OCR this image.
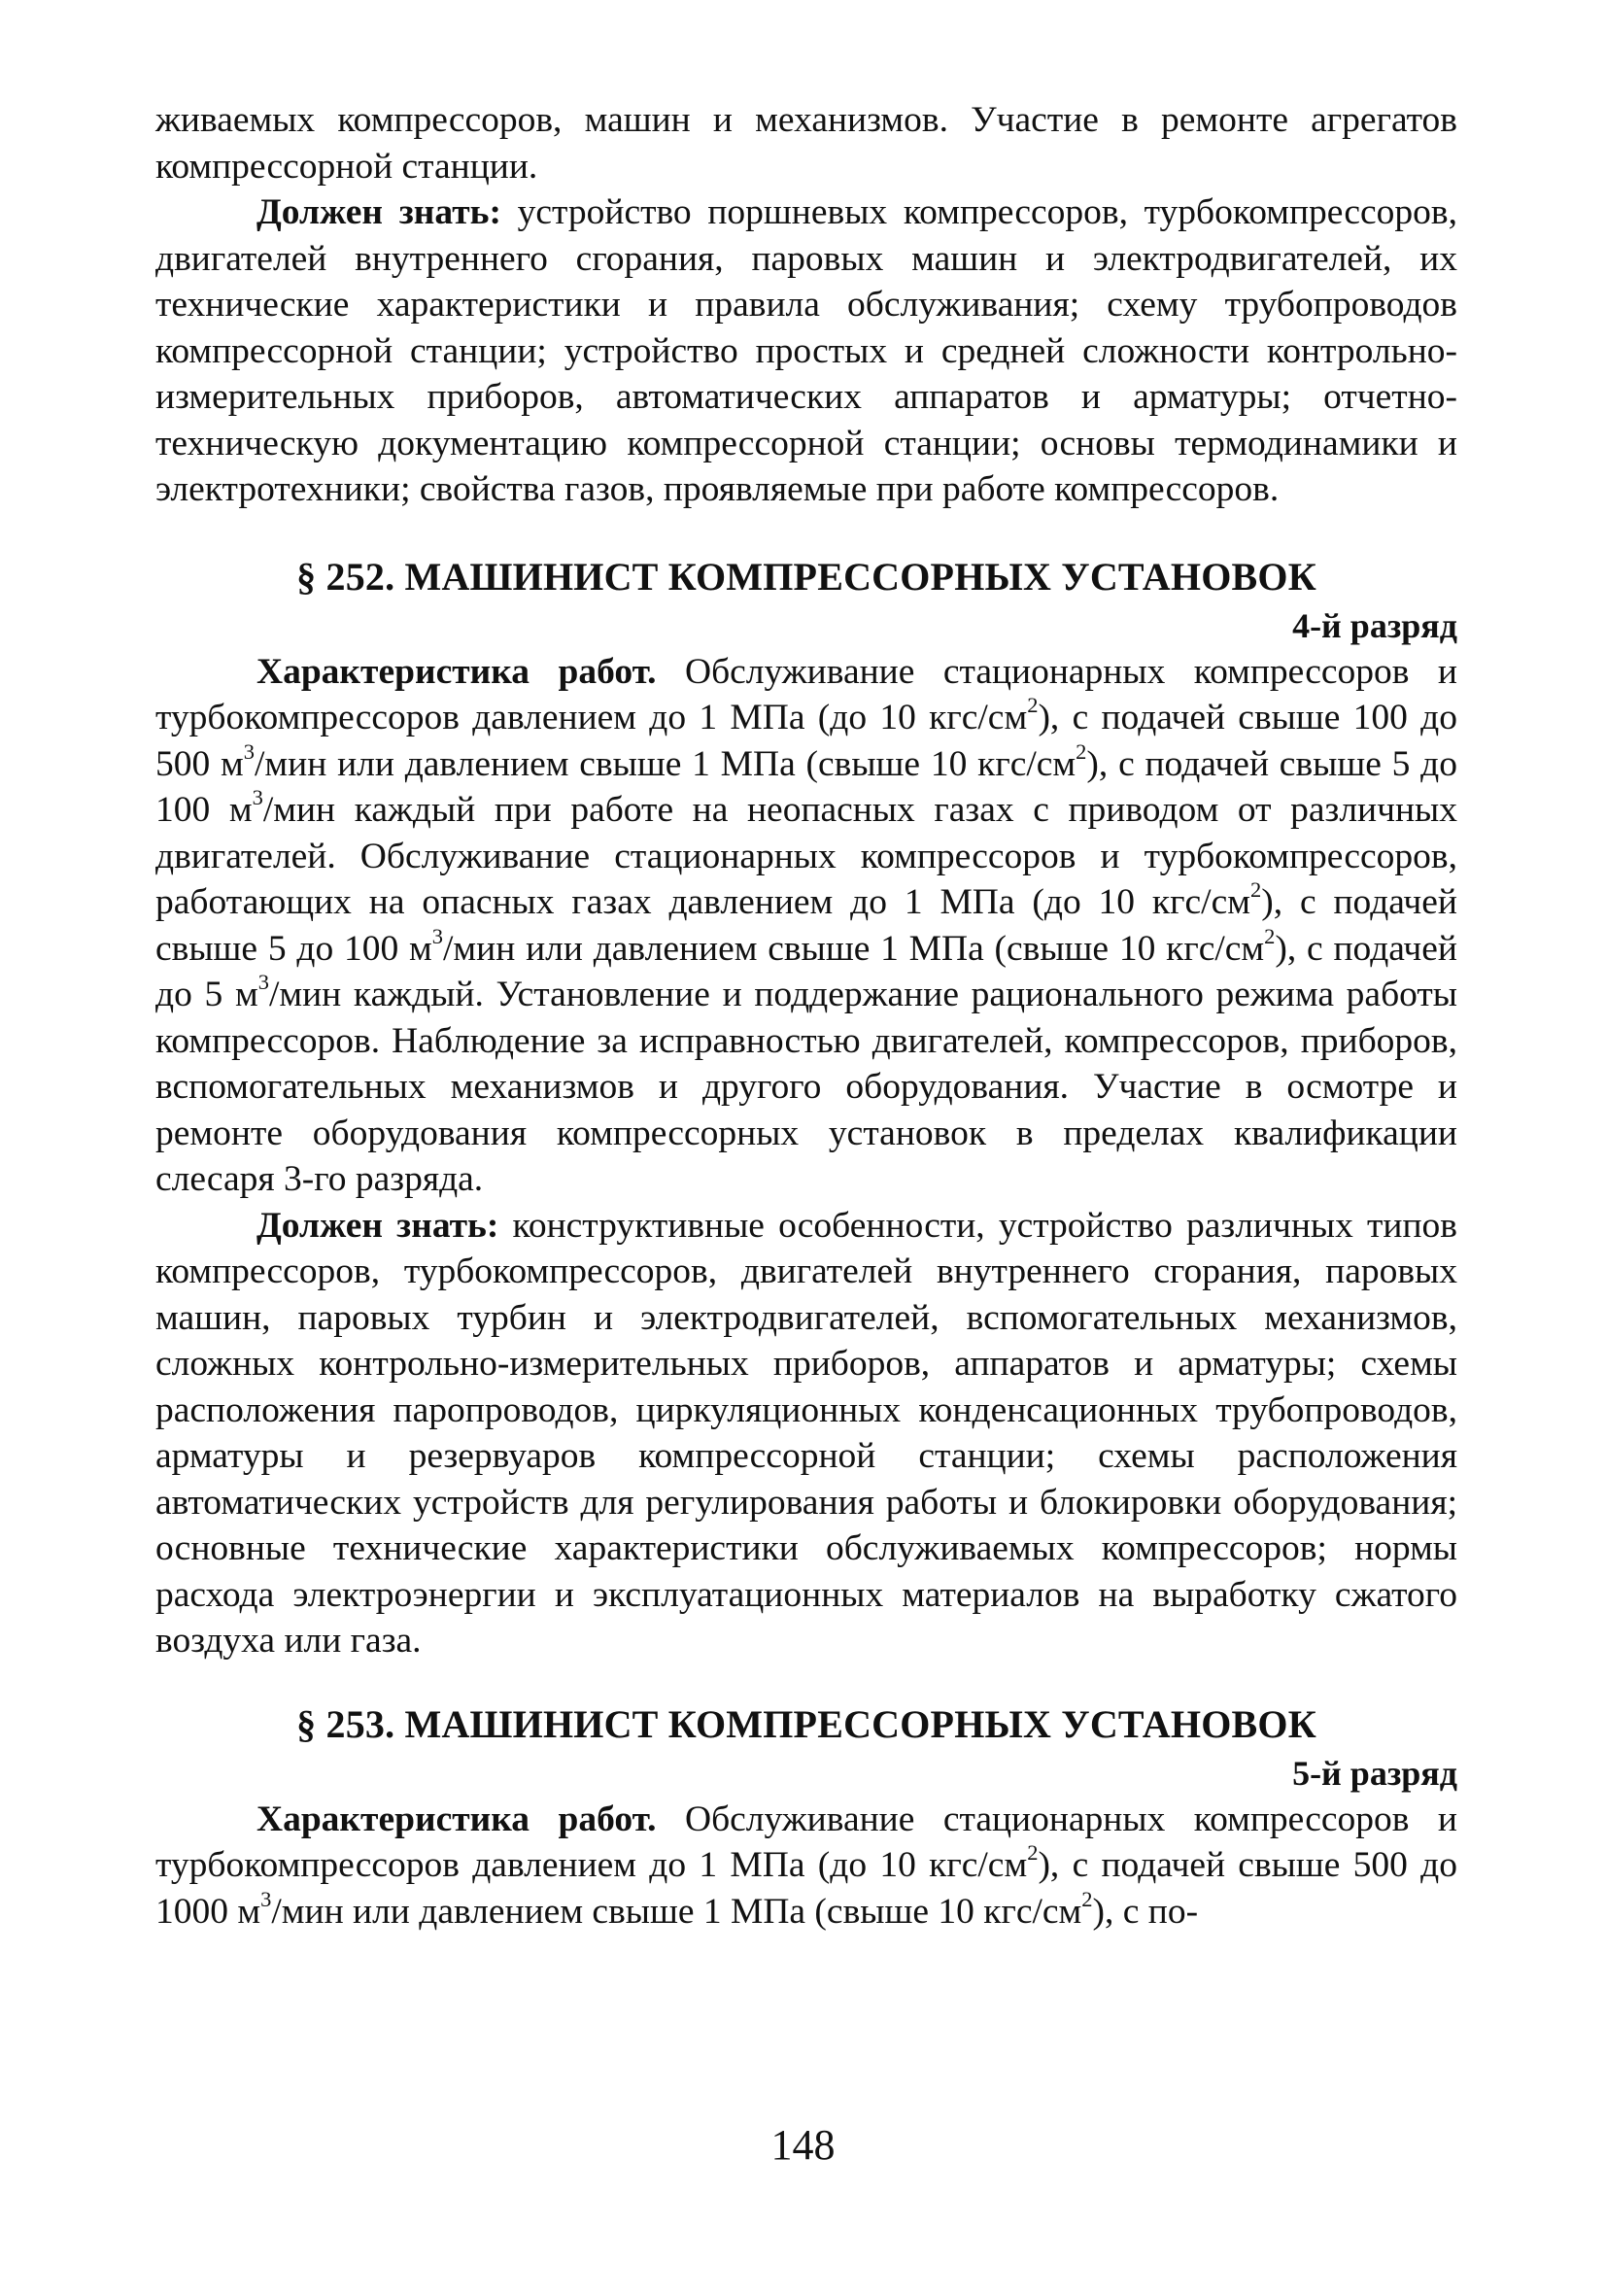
живаемых компрессоров, машин и механизмов. Участие в ремонте агрегатов компрессорной станции.

Должен знать: устройство поршневых компрессоров, турбокомпрессоров, двигателей внутреннего сгорания, паровых машин и электродвигателей, их технические характеристики и правила обслуживания; схему трубопроводов компрессорной станции; устройство простых и средней сложности контрольно-измерительных приборов, автоматических аппаратов и арматуры; отчетно-техническую документацию компрессорной станции; основы термодинамики и электротехники; свойства газов, проявляемые при работе компрессоров.

§ 252. МАШИНИСТ КОМПРЕССОРНЫХ УСТАНОВОК
4-й разряд

Характеристика работ. Обслуживание стационарных компрессоров и турбокомпрессоров давлением до 1 МПа (до 10 кгс/$см^2$), с подачей свыше 100 до 500 $м^3$/мин или давлением свыше 1 МПа (свыше 10 кгс/$см^2$), с подачей свыше 5 до 100 $м^3$/мин каждый при работе на неопасных газах с приводом от различных двигателей. Обслуживание стационарных компрессоров и турбокомпрессоров, работающих на опасных газах давлением до 1 МПа (до 10 кгс/$см^2$), с подачей свыше 5 до 100 $м^3$/мин или давлением свыше 1 МПа (свыше 10 кгс/$см^2$), с подачей до 5 $м^3$/мин каждый. Установление и поддержание рационального режима работы компрессоров. Наблюдение за исправностью двигателей, компрессоров, приборов, вспомогательных механизмов и другого оборудования. Участие в осмотре и ремонте оборудования компрессорных установок в пределах квалификации слесаря 3-го разряда.

Должен знать: конструктивные особенности, устройство различных типов компрессоров, турбокомпрессоров, двигателей внутреннего сгорания, паровых машин, паровых турбин и электродвигателей, вспомогательных механизмов, сложных контрольно-измерительных приборов, аппаратов и арматуры; схемы расположения паропроводов, циркуляционных конденсационных трубопроводов, арматуры и резервуаров компрессорной станции; схемы расположения автоматических устройств для регулирования работы и блокировки оборудования; основные технические характеристики обслуживаемых компрессоров; нормы расхода электроэнергии и эксплуатационных материалов на выработку сжатого воздуха или газа.

§ 253. МАШИНИСТ КОМПРЕССОРНЫХ УСТАНОВОК
5-й разряд

Характеристика работ. Обслуживание стационарных компрессоров и турбокомпрессоров давлением до 1 МПа (до 10 кгс/$см^2$), с подачей свыше 500 до 1000 $м^3$/мин или давлением свыше 1 МПа (свыше 10 кгс/$см^2$), с по-

148
